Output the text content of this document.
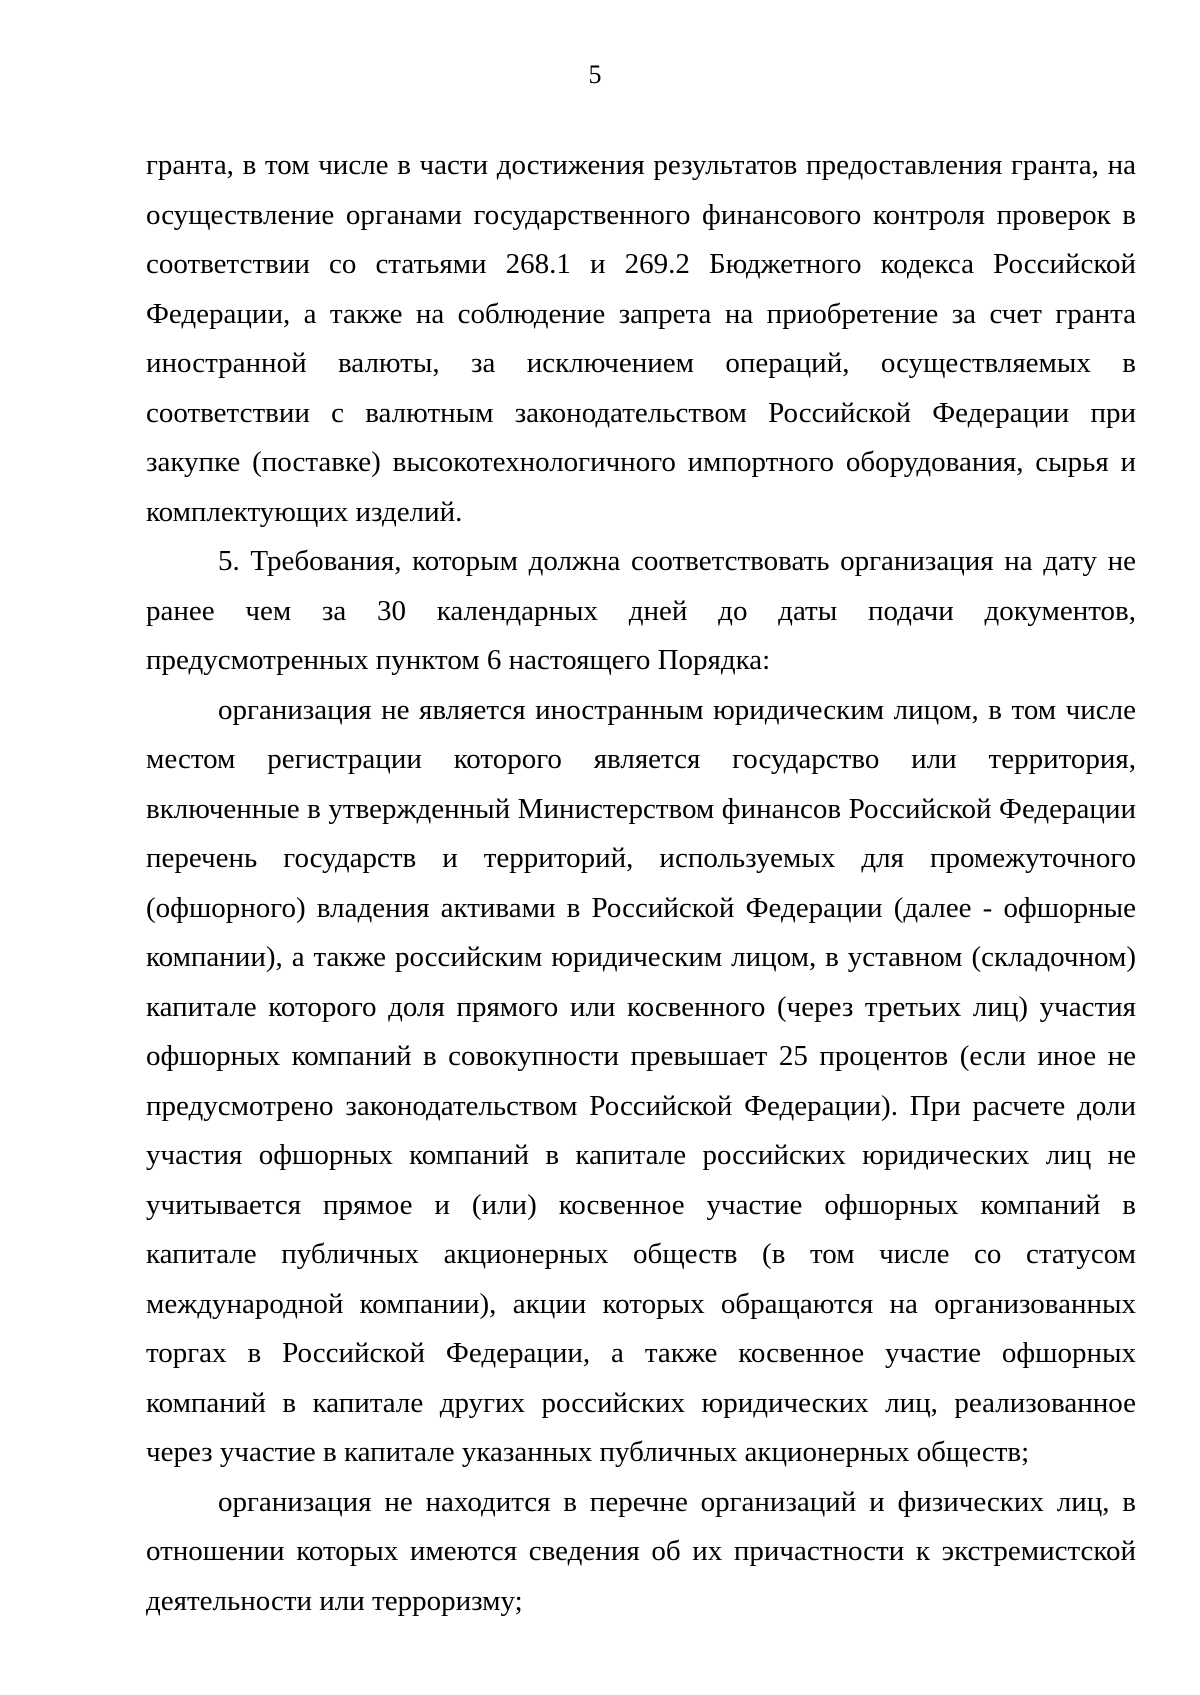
5

гранта, в том числе в части достижения результатов предоставления гранта, на осуществление органами государственного финансового контроля проверок в соответствии со статьями 268.1 и 269.2 Бюджетного кодекса Российской Федерации, а также на соблюдение запрета на приобретение за счет гранта иностранной валюты, за исключением операций, осуществляемых в соответствии с валютным законодательством Российской Федерации при закупке (поставке) высокотехнологичного импортного оборудования, сырья и комплектующих изделий.

5. Требования, которым должна соответствовать организация на дату не ранее чем за 30 календарных дней до даты подачи документов, предусмотренных пунктом 6 настоящего Порядка:

организация не является иностранным юридическим лицом, в том числе местом регистрации которого является государство или территория, включенные в утвержденный Министерством финансов Российской Федерации перечень государств и территорий, используемых для промежуточного (офшорного) владения активами в Российской Федерации (далее - офшорные компании), а также российским юридическим лицом, в уставном (складочном) капитале которого доля прямого или косвенного (через третьих лиц) участия офшорных компаний в совокупности превышает 25 процентов (если иное не предусмотрено законодательством Российской Федерации). При расчете доли участия офшорных компаний в капитале российских юридических лиц не учитывается прямое и (или) косвенное участие офшорных компаний в капитале публичных акционерных обществ (в том числе со статусом международной компании), акции которых обращаются на организованных торгах в Российской Федерации, а также косвенное участие офшорных компаний в капитале других российских юридических лиц, реализованное через участие в капитале указанных публичных акционерных обществ;

организация не находится в перечне организаций и физических лиц, в отношении которых имеются сведения об их причастности к экстремистской деятельности или терроризму;
